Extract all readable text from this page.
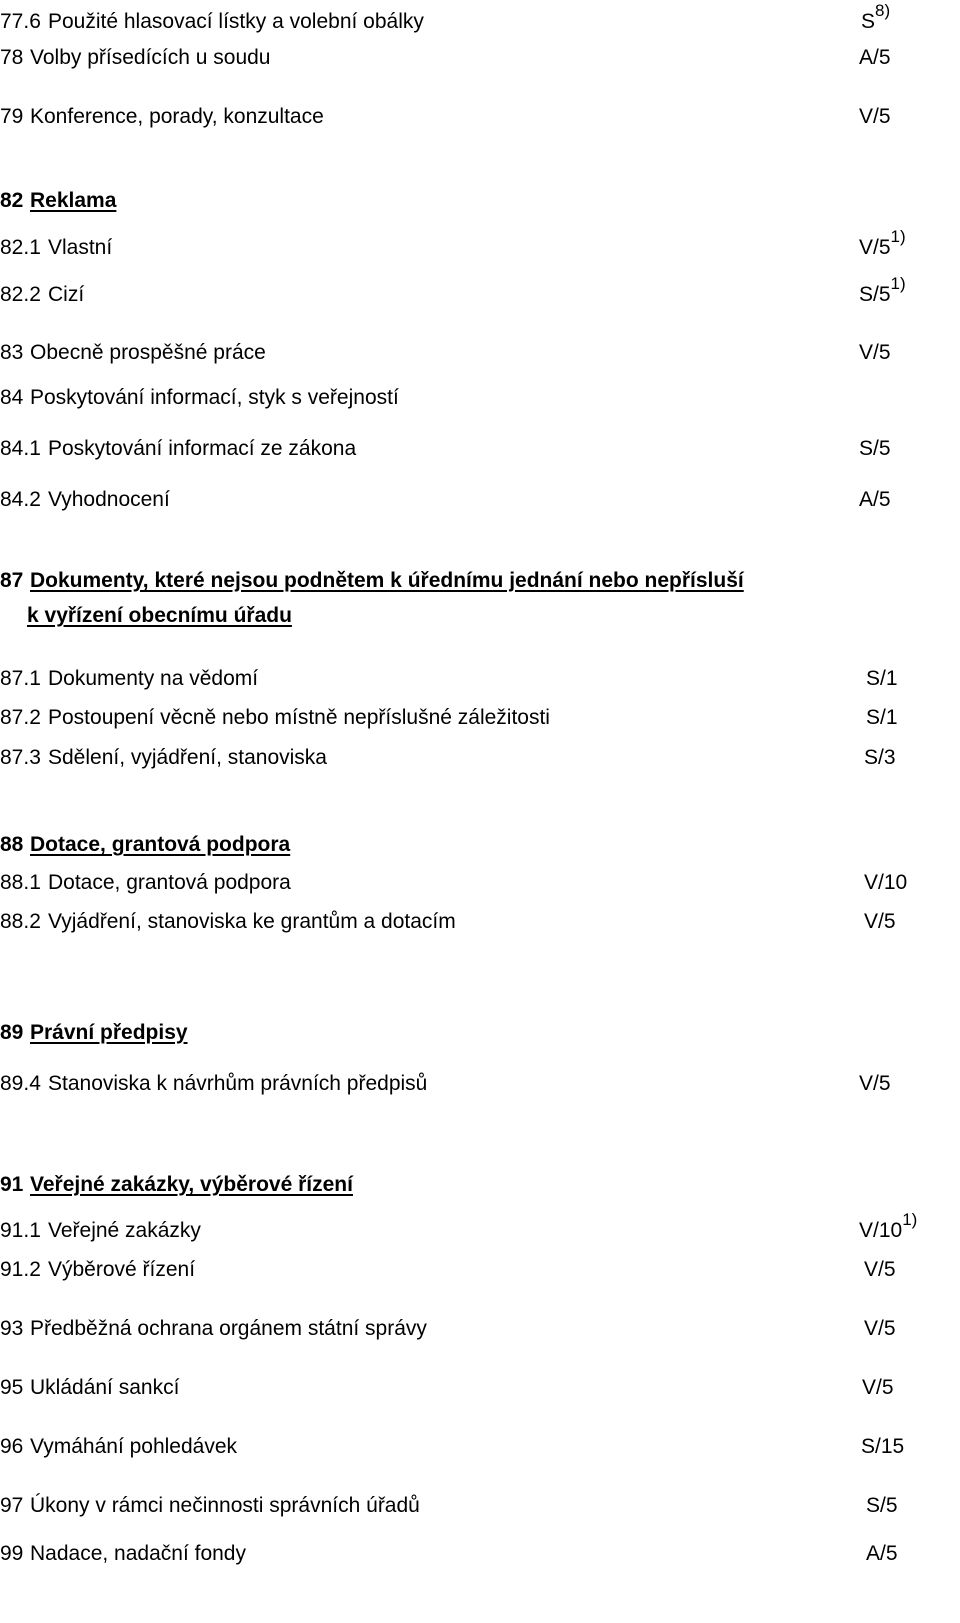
77.6 Použité hlasovací lístky a volební obálky	$S^{8)}$
78 Volby přísedících u soudu	A/5
79 Konference, porady, konzultace	V/5
82 Reklama
82.1 Vlastní	V/5$^{1)}$
82.2 Cizí	S/5$^{1)}$
83 Obecně prospěšné práce	V/5
84 Poskytování informací, styk s veřejností
84.1 Poskytování informací ze zákona	S/5
84.2 Vyhodnocení	A/5
87 Dokumenty, které nejsou podnětem k úřednímu jednání nebo nepřísluší
k vyřízení obecnímu úřadu
87.1 Dokumenty na vědomí	S/1
87.2 Postoupení věcně nebo místně nepříslušné záležitosti	S/1
87.3 Sdělení, vyjádření, stanoviska	S/3
88 Dotace, grantová podpora
88.1 Dotace, grantová podpora	V/10
88.2 Vyjádření, stanoviska ke grantům a dotacím	V/5
89 Právní předpisy
89.4 Stanoviska k návrhům právních předpisů	V/5
91 Veřejné zakázky, výběrové řízení
91.1 Veřejné zakázky	V/10$^{1)}$
91.2 Výběrové řízení	V/5
93 Předběžná ochrana orgánem státní správy	V/5
95 Ukládání sankcí	V/5
96 Vymáhání pohledávek	S/15
97 Úkony v rámci nečinnosti správních úřadů	S/5
99 Nadace, nadační fondy	A/5
